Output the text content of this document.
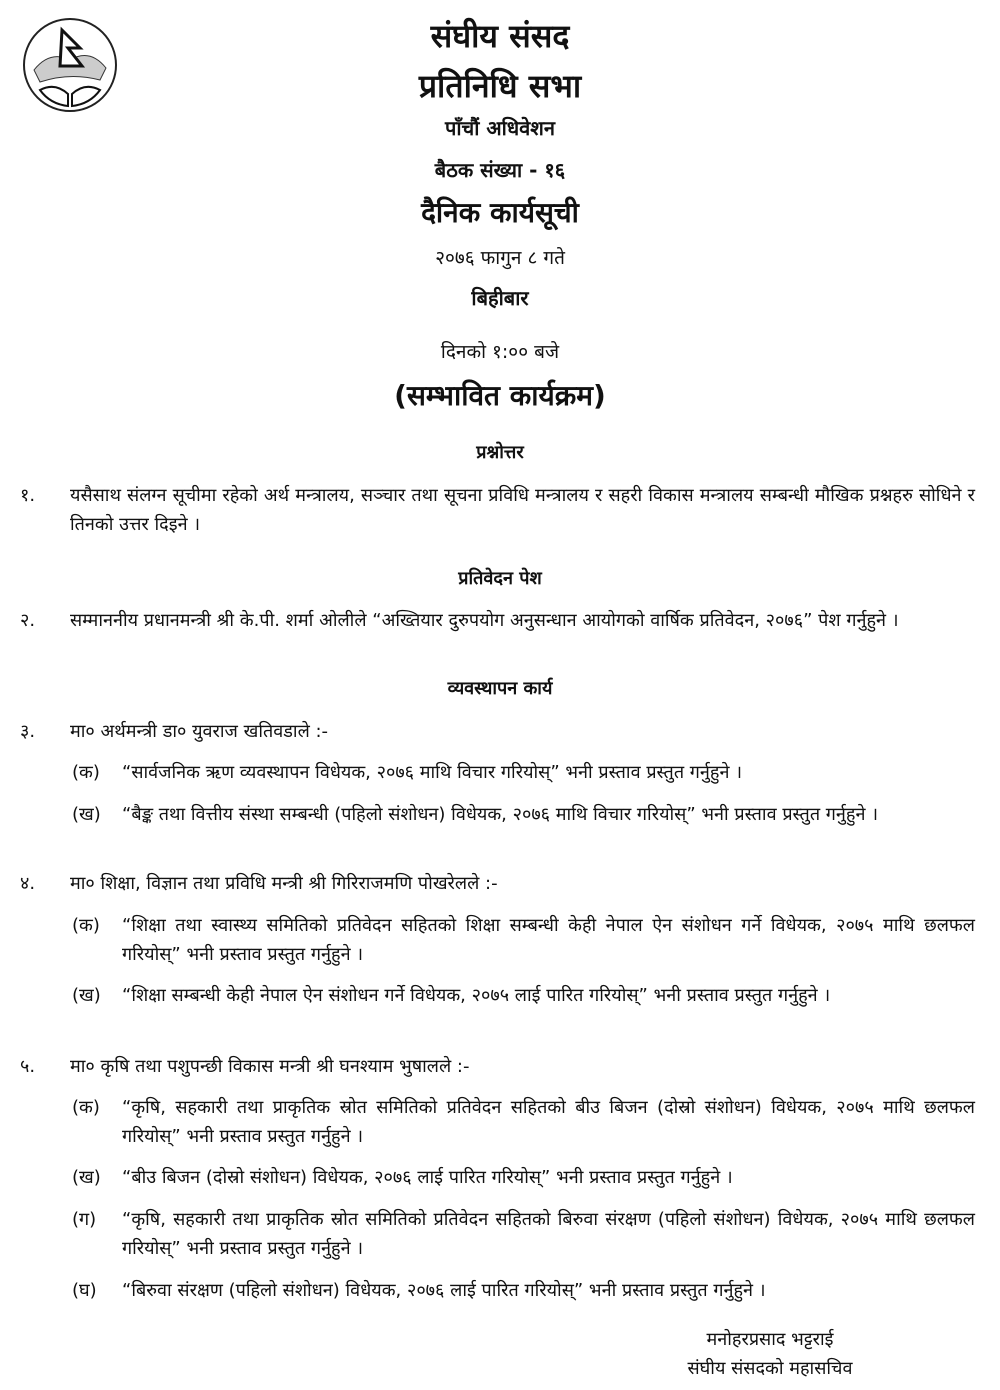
संघीय संसद
प्रतिनिधि सभा
पाँचौं अधिवेशन
बैठक संख्या - १६
दैनिक कार्यसूची
२०७६ फागुन ८ गते
बिहीबार
दिनको १:०० बजे
(सम्भावित कार्यक्रम)
प्रश्नोत्तर
१. यसैसाथ संलग्न सूचीमा रहेको अर्थ मन्त्रालय, सञ्चार तथा सूचना प्रविधि मन्त्रालय र सहरी विकास मन्त्रालय सम्बन्धी मौखिक प्रश्नहरु सोधिने र तिनको उत्तर दिइने ।
प्रतिवेदन पेश
२. सम्माननीय प्रधानमन्त्री श्री के.पी. शर्मा ओलीले “अख्तियार दुरुपयोग अनुसन्धान आयोगको वार्षिक प्रतिवेदन, २०७६” पेश गर्नुहुने ।
व्यवस्थापन कार्य
३. मा० अर्थमन्त्री डा० युवराज खतिवडाले :-
(क) “सार्वजनिक ऋण व्यवस्थापन विधेयक, २०७६ माथि विचार गरियोस्” भनी प्रस्ताव प्रस्तुत गर्नुहुने ।
(ख) “बैङ्क तथा वित्तीय संस्था सम्बन्धी (पहिलो संशोधन) विधेयक, २०७६ माथि विचार गरियोस्” भनी प्रस्ताव प्रस्तुत गर्नुहुने ।
४. मा० शिक्षा, विज्ञान तथा प्रविधि मन्त्री श्री गिरिराजमणि पोखरेलले :-
(क) “शिक्षा तथा स्वास्थ्य समितिको प्रतिवेदन सहितको शिक्षा सम्बन्धी केही नेपाल ऐन संशोधन गर्ने विधेयक, २०७५ माथि छलफल गरियोस्” भनी प्रस्ताव प्रस्तुत गर्नुहुने ।
(ख) “शिक्षा सम्बन्धी केही नेपाल ऐन संशोधन गर्ने विधेयक, २०७५ लाई पारित गरियोस्” भनी प्रस्ताव प्रस्तुत गर्नुहुने ।
५. मा० कृषि तथा पशुपन्छी विकास मन्त्री श्री घनश्याम भुषालले :-
(क) “कृषि, सहकारी तथा प्राकृतिक स्रोत समितिको प्रतिवेदन सहितको बीउ बिजन (दोस्रो संशोधन) विधेयक, २०७५ माथि छलफल गरियोस्” भनी प्रस्ताव प्रस्तुत गर्नुहुने ।
(ख) “बीउ बिजन (दोस्रो संशोधन) विधेयक, २०७६ लाई पारित गरियोस्” भनी प्रस्ताव प्रस्तुत गर्नुहुने ।
(ग) “कृषि, सहकारी तथा प्राकृतिक स्रोत समितिको प्रतिवेदन सहितको बिरुवा संरक्षण (पहिलो संशोधन) विधेयक, २०७५ माथि छलफल गरियोस्” भनी प्रस्ताव प्रस्तुत गर्नुहुने ।
(घ) “बिरुवा संरक्षण (पहिलो संशोधन) विधेयक, २०७६ लाई पारित गरियोस्” भनी प्रस्ताव प्रस्तुत गर्नुहुने ।
मनोहरप्रसाद भट्टराई
संघीय संसदको महासचिव
